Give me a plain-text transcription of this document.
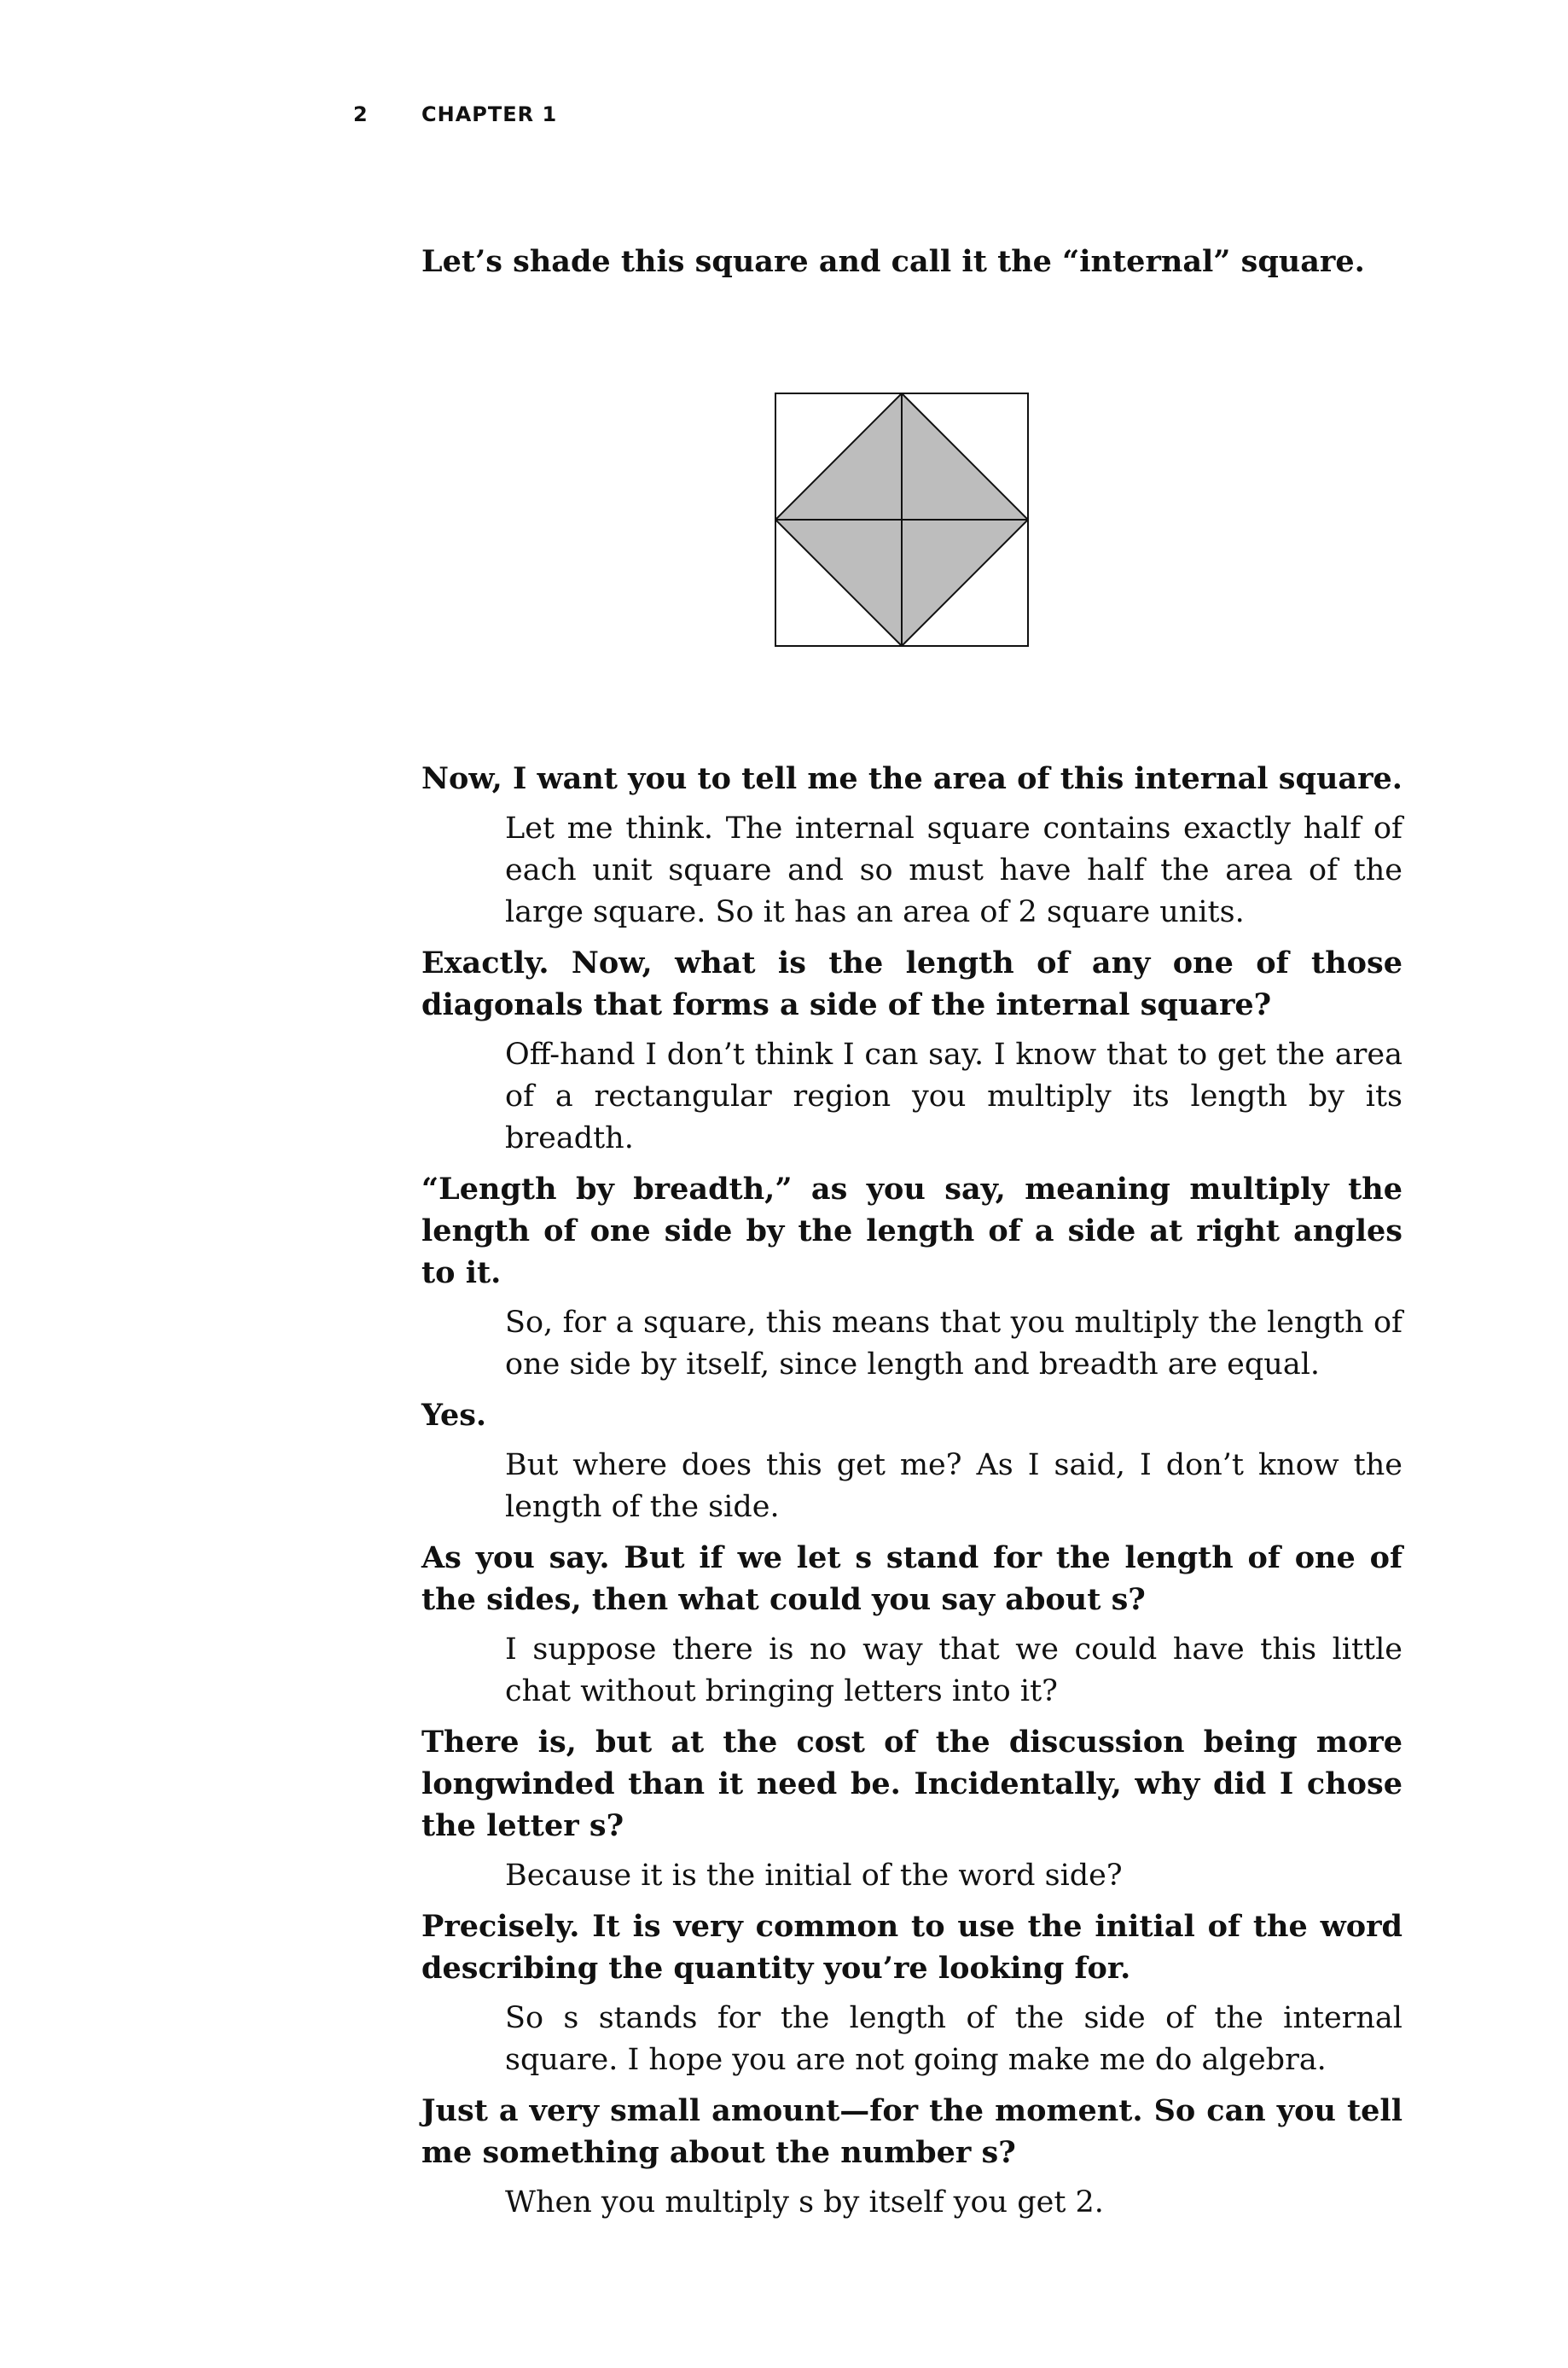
2	CHAPTER 1

Let’s shade this square and call it the “internal” square.

Now, I want you to tell me the area of this internal square.

Let me think. The internal square contains exactly half of each unit square and so must have half the area of the large square. So it has an area of 2 square units.

Exactly. Now, what is the length of any one of those diagonals that forms a side of the internal square?

Off-hand I don’t think I can say. I know that to get the area of a rectangular region you multiply its length by its breadth.

“Length by breadth,” as you say, meaning multiply the length of one side by the length of a side at right angles to it.

So, for a square, this means that you multiply the length of one side by itself, since length and breadth are equal.

Yes.

But where does this get me? As I said, I don’t know the length of the side.

As you say. But if we let s stand for the length of one of the sides, then what could you say about s?

I suppose there is no way that we could have this little chat without bringing letters into it?

There is, but at the cost of the discussion being more longwinded than it need be. Incidentally, why did I chose the letter s?

Because it is the initial of the word side?

Precisely. It is very common to use the initial of the word describing the quantity you’re looking for.

So s stands for the length of the side of the internal square. I hope you are not going make me do algebra.

Just a very small amount—for the moment. So can you tell me something about the number s?

When you multiply s by itself you get 2.
